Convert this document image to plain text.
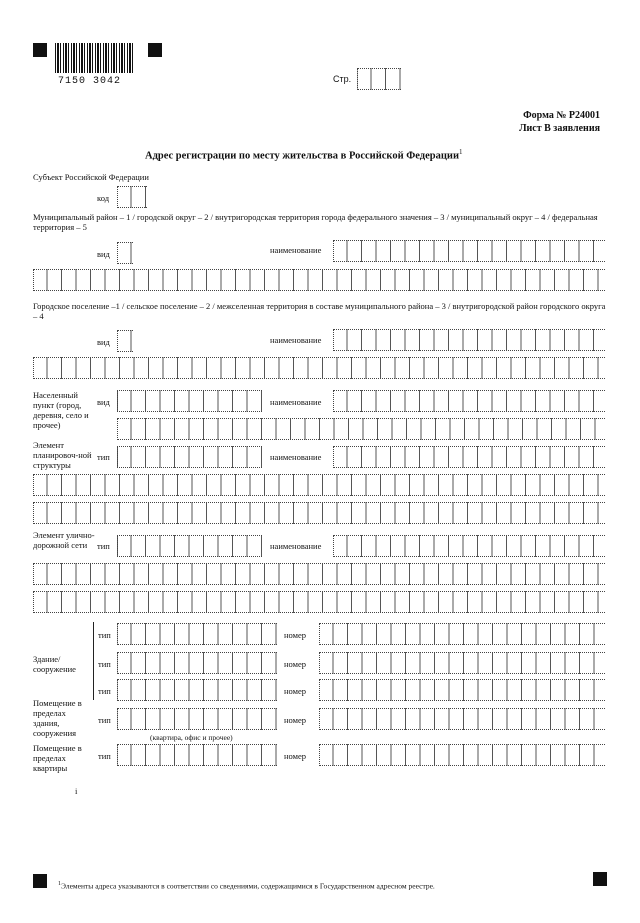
7150 3042	Стр.
Форма № Р24001
Лист В заявления
Адрес регистрации по месту жительства в Российской Федерации$^1$
Субъект Российской Федерации
код
Муниципальный район – 1 / городской округ – 2 / внутригородская территория города федерального значения – 3 / муниципальный округ – 4 / федеральная территория – 5
вид	наименование
Городское поселение –1 / сельское поселение – 2 / межселенная территория в составе муниципального района – 3 / внутригородской район городского округа – 4
вид	наименование
Населенный пункт (город, деревня, село и прочее)
вид	наименование
Элемент планировоч-ной структуры
тип	наименование
Элемент улично-дорожной сети	тип	наименование
Здание/ сооружение
тип	номер
тип	номер
тип	номер
Помещение в пределах здания, сооружения
тип	номер
(квартира, офис и прочее)
Помещение в пределах квартиры
тип	номер
i
$^1$Элементы адреса указываются в соответствии со сведениями, содержащимися в Государственном адресном реестре.
